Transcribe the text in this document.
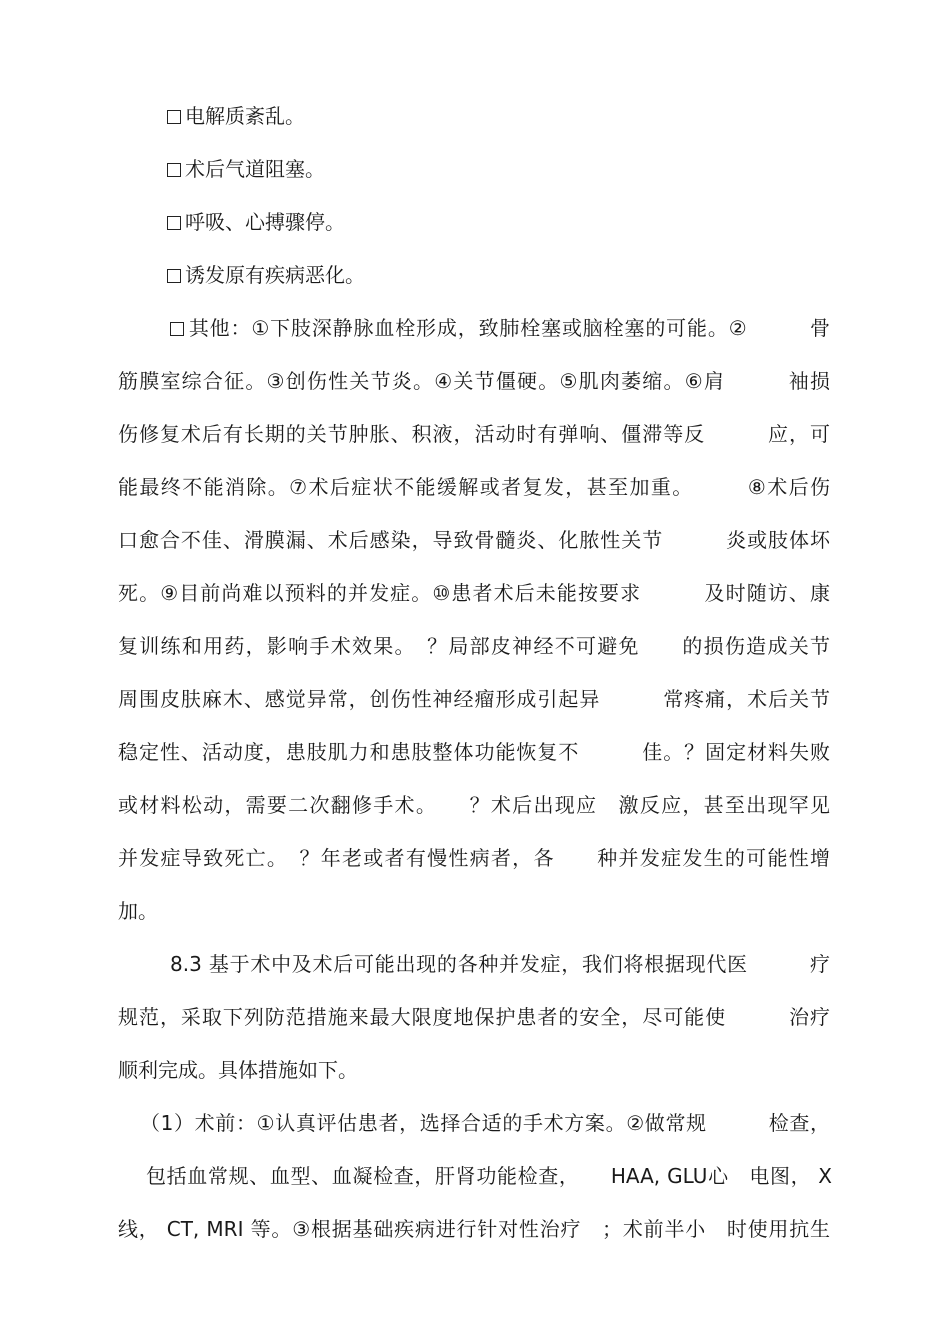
电解质紊乱。
术后气道阻塞。
呼吸、心搏骤停。
诱发原有疾病恶化。
其他：①下肢深静脉血栓形成，致肺栓塞或脑栓塞的可能。②　　　骨
筋膜室综合征。③创伤性关节炎。④关节僵硬。⑤肌肉萎缩。⑥肩　　　袖损
伤修复术后有长期的关节肿胀、积液，活动时有弹响、僵滞等反　　　应，可
能最终不能消除。⑦术后症状不能缓解或者复发，甚至加重。　　　⑧术后伤
口愈合不佳、滑膜漏、术后感染，导致骨髓炎、化脓性关节　　　炎或肢体坏
死。⑨目前尚难以预料的并发症。⑩患者术后未能按要求　　　及时随访、康
复训练和用药，影响手术效果。　？局部皮神经不可避免　　的损伤造成关节
周围皮肤麻木、感觉异常，创伤性神经瘤形成引起异　　　常疼痛，术后关节
稳定性、活动度，患肢肌力和患肢整体功能恢复不　　　佳。？固定材料失败
或材料松动，需要二次翻修手术。　　？术后出现应　激反应，甚至出现罕见
并发症导致死亡。　？年老或者有慢性病者，各　　种并发症发生的可能性增
加。
8.3 基于术中及术后可能出现的各种并发症，我们将根据现代医　　　疗
规范，采取下列防范措施来最大限度地保护患者的安全，尽可能使　　　治疗
顺利完成。具体措施如下。
（1）术前：①认真评估患者，选择合适的手术方案。②做常规　　　检查，
包括血常规、血型、血凝检查，肝肾功能检查，　　HAA, GLU心　电图， X
线， CT, MRI 等。③根据基础疾病进行针对性治疗　；术前半小　时使用抗生
